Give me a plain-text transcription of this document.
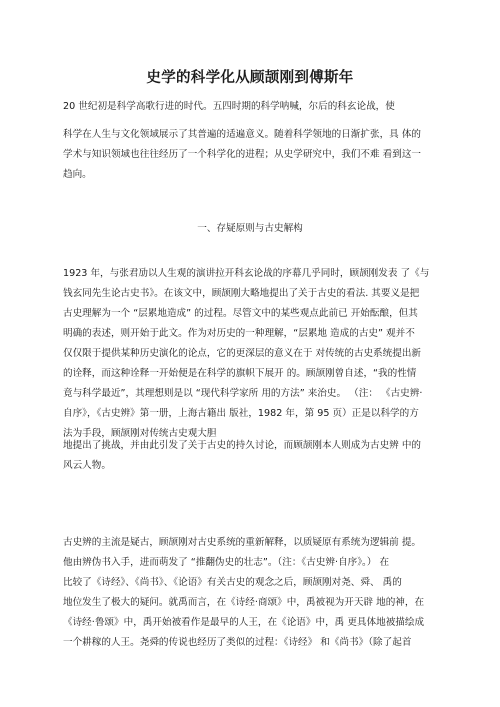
史学的科学化从顾颉刚到傅斯年
20 世纪初是科学高歌行进的时代。五四时期的科学呐喊，尔后的科玄论战，使
科学在人生与文化领域展示了其普遍的适遍意义。随着科学领地的日渐扩张，具 体的
学术与知识领域也往往经历了一个科学化的进程；从史学研究中，我们不难 看到这一
趋向。
一、存疑原则与古史解构
1923 年，与张君劢以人生观的演讲拉开科玄论战的序幕几乎同时，顾颉刚发表 了《与
钱玄同先生论古史书》。在该文中，顾颉刚大略地提出了关于古史的看法. 其要义是把
古史理解为一个 “层累地造成” 的过程。尽管文中的某些观点此前已 开始酝酿，但其
明确的表述，则开始于此文。作为对历史的一种理解，“层累地 造成的古史” 观并不
仅仅限于提供某种历史演化的论点，它的更深层的意义在于 对传统的古史系统提出新
的诠释，而这种诠释一开始便是在科学的旗帜下展开 的。顾颉刚曾自述，“我的性情
竟与科学最近”，其理想则是以 “现代科学家所 用的方法” 来治史。 （注： 《古史辨·
自序》，《古史辨》第一册，上海古籍出 版社，1982 年，第 95 页）正是以科学的方
法为手段，顾颉刚对传统古史观大胆
地提出了挑战，并由此引发了关于古史的持久讨论，而顾颉刚本人则成为古史辨 中的
风云人物。
古史辨的主流是疑古，顾颉刚对古史系统的重新解释，以质疑原有系统为逻辑前 提。
他由辨伪书入手，进而萌发了 “推翻伪史的壮志”。（注：《古史辨·自序》。） 在
比较了《诗经》、《尚书》、《论语》有关古史的观念之后，顾颉刚对尧、舜、 禹的
地位发生了极大的疑问。就禹而言，在《诗经·商颂》中，禹被视为开天辟 地的神，在
《诗经·鲁颂》中，禹开始被看作是最早的人王，在《论语》中，禹 更具体地被描绘成
一个耕稼的人王。尧舜的传说也经历了类似的过程：《诗经》 和《尚书》（除了起首
